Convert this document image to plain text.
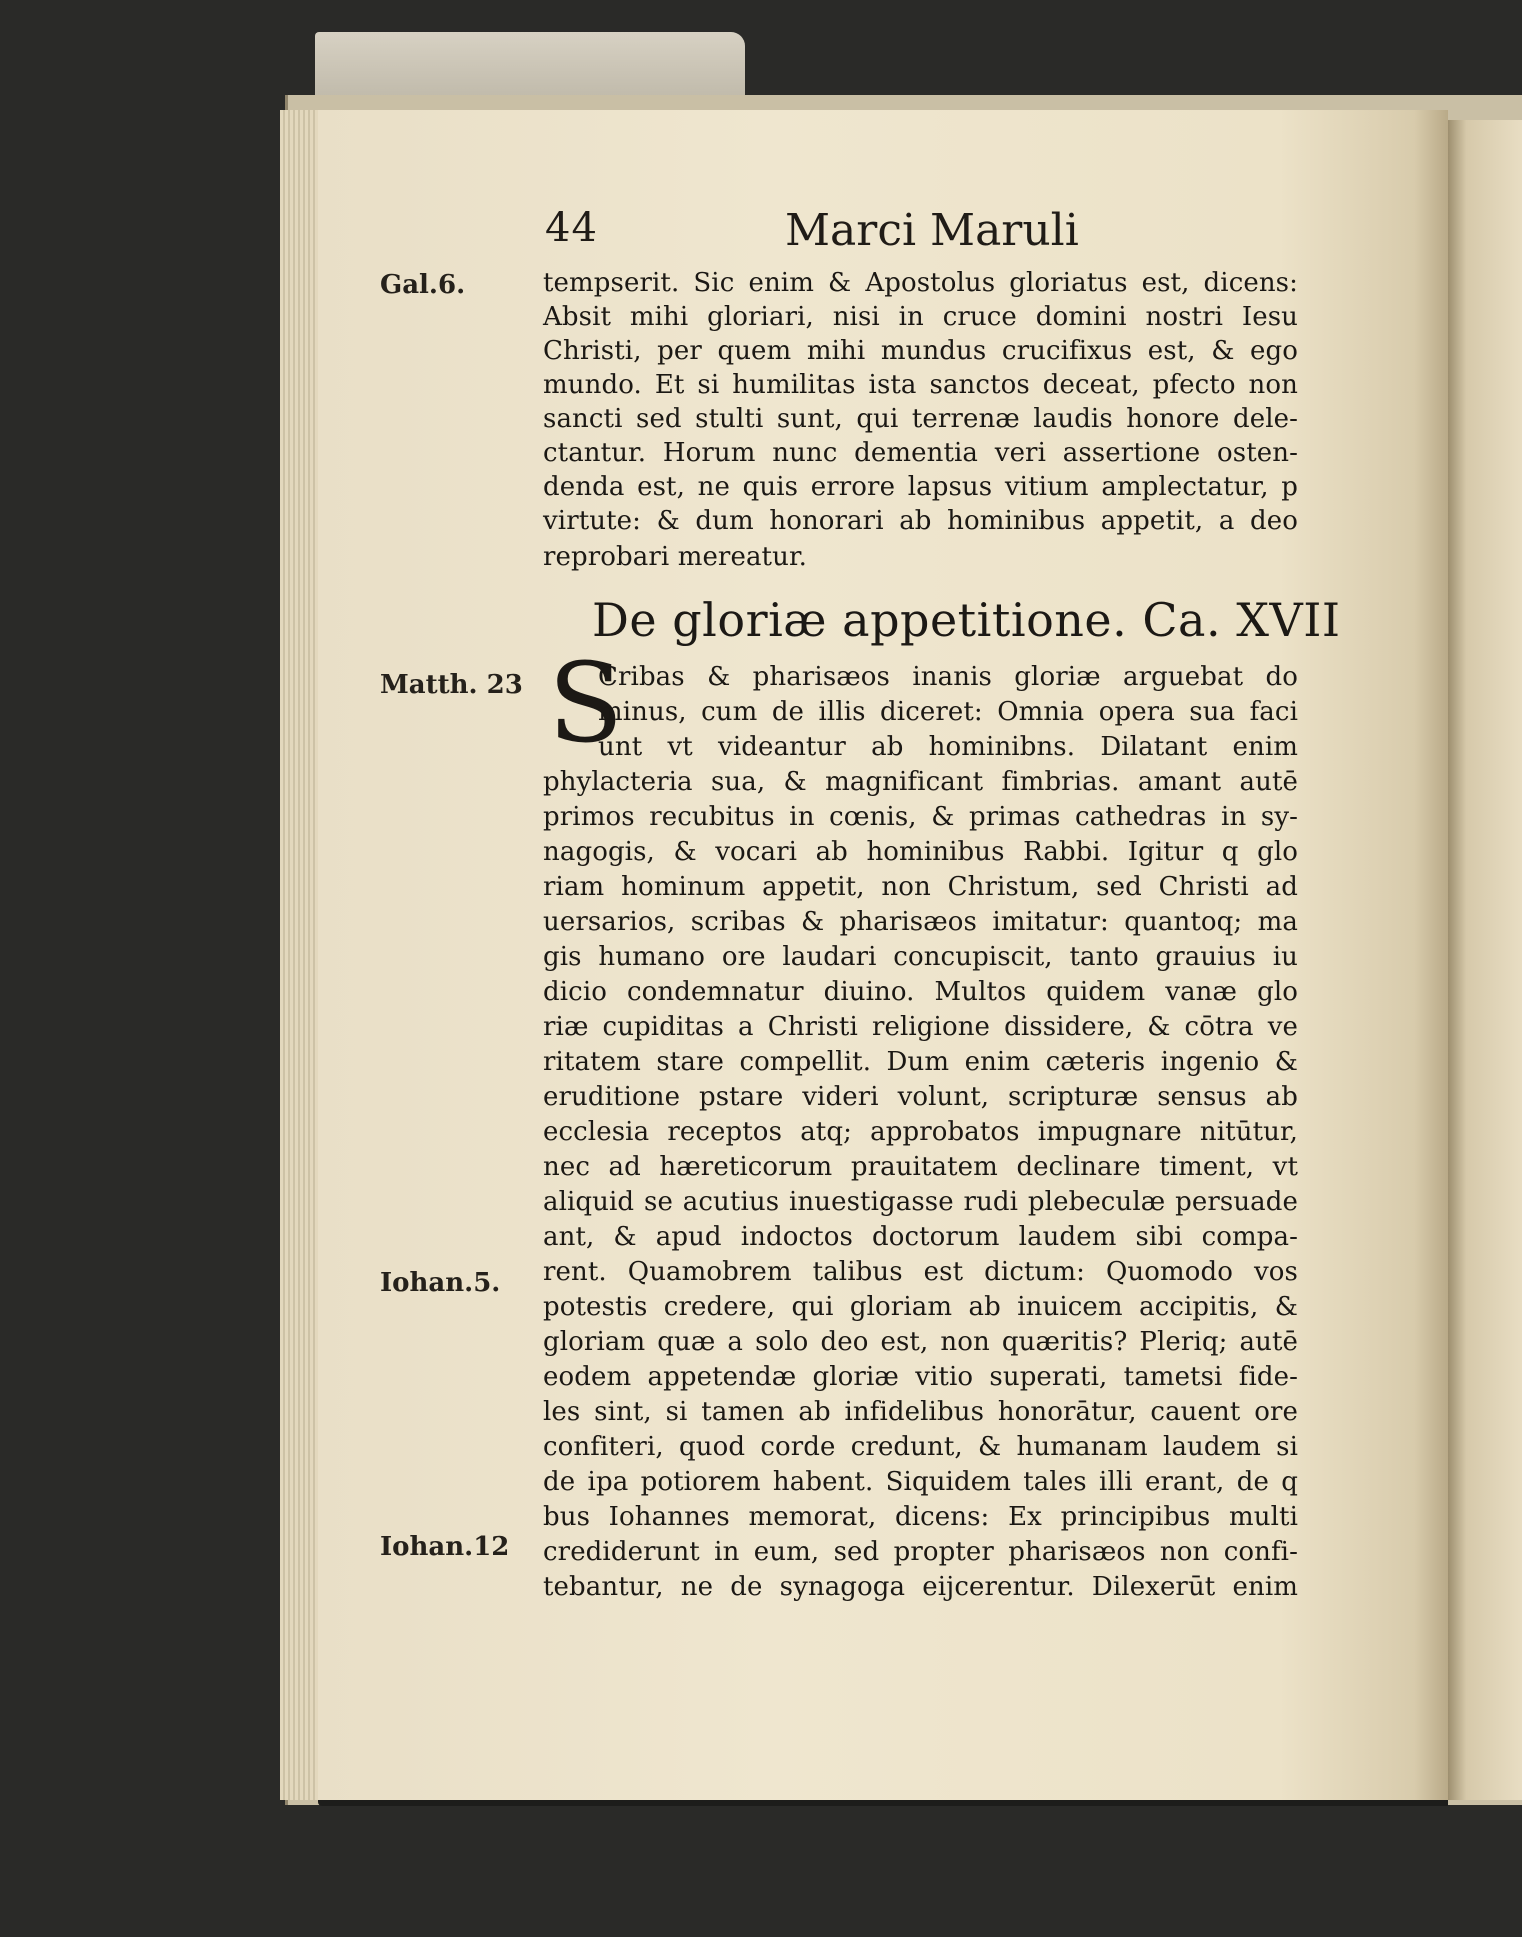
44	Marci Maruli
Gal.6.
Matth. 23
Iohan.5.
Iohan.12
tempserit. Sic enim & Apostolus gloriatus est, dicens:
Absit mihi gloriari, nisi in cruce domini nostri Iesu
Christi, per quem mihi mundus crucifixus est, & ego
mundo. Et si humilitas ista sanctos deceat, pfecto non
sancti sed stulti sunt, qui terrenæ laudis honore dele-
ctantur. Horum nunc dementia veri assertione osten-
denda est, ne quis errore lapsus vitium amplectatur, p
virtute: & dum honorari ab hominibus appetit, a deo
reprobari mereatur.
De gloriæ appetitione. Ca. XVII
S
Cribas & pharisæos inanis gloriæ arguebat do
minus, cum de illis diceret: Omnia opera sua faci
unt vt videantur ab hominibns. Dilatant enim
phylacteria sua, & magnificant fimbrias. amant autē
primos recubitus in cœnis, & primas cathedras in sy-
nagogis, & vocari ab hominibus Rabbi. Igitur q glo
riam hominum appetit, non Christum, sed Christi ad
uersarios, scribas & pharisæos imitatur: quantoq; ma
gis humano ore laudari concupiscit, tanto grauius iu
dicio condemnatur diuino. Multos quidem vanæ glo
riæ cupiditas a Christi religione dissidere, & cōtra ve
ritatem stare compellit. Dum enim cæteris ingenio &
eruditione pstare videri volunt, scripturæ sensus ab
ecclesia receptos atq; approbatos impugnare nitūtur,
nec ad hæreticorum prauitatem declinare timent, vt
aliquid se acutius inuestigasse rudi plebeculæ persuade
ant, & apud indoctos doctorum laudem sibi compa-
rent. Quamobrem talibus est dictum: Quomodo vos
potestis credere, qui gloriam ab inuicem accipitis, &
gloriam quæ a solo deo est, non quæritis? Pleriq; autē
eodem appetendæ gloriæ vitio superati, tametsi fide-
les sint, si tamen ab infidelibus honorātur, cauent ore
confiteri, quod corde credunt, & humanam laudem si
de ipa potiorem habent. Siquidem tales illi erant, de q
bus Iohannes memorat, dicens: Ex principibus multi
crediderunt in eum, sed propter pharisæos non confi-
tebantur, ne de synagoga eijcerentur. Dilexerūt enim
